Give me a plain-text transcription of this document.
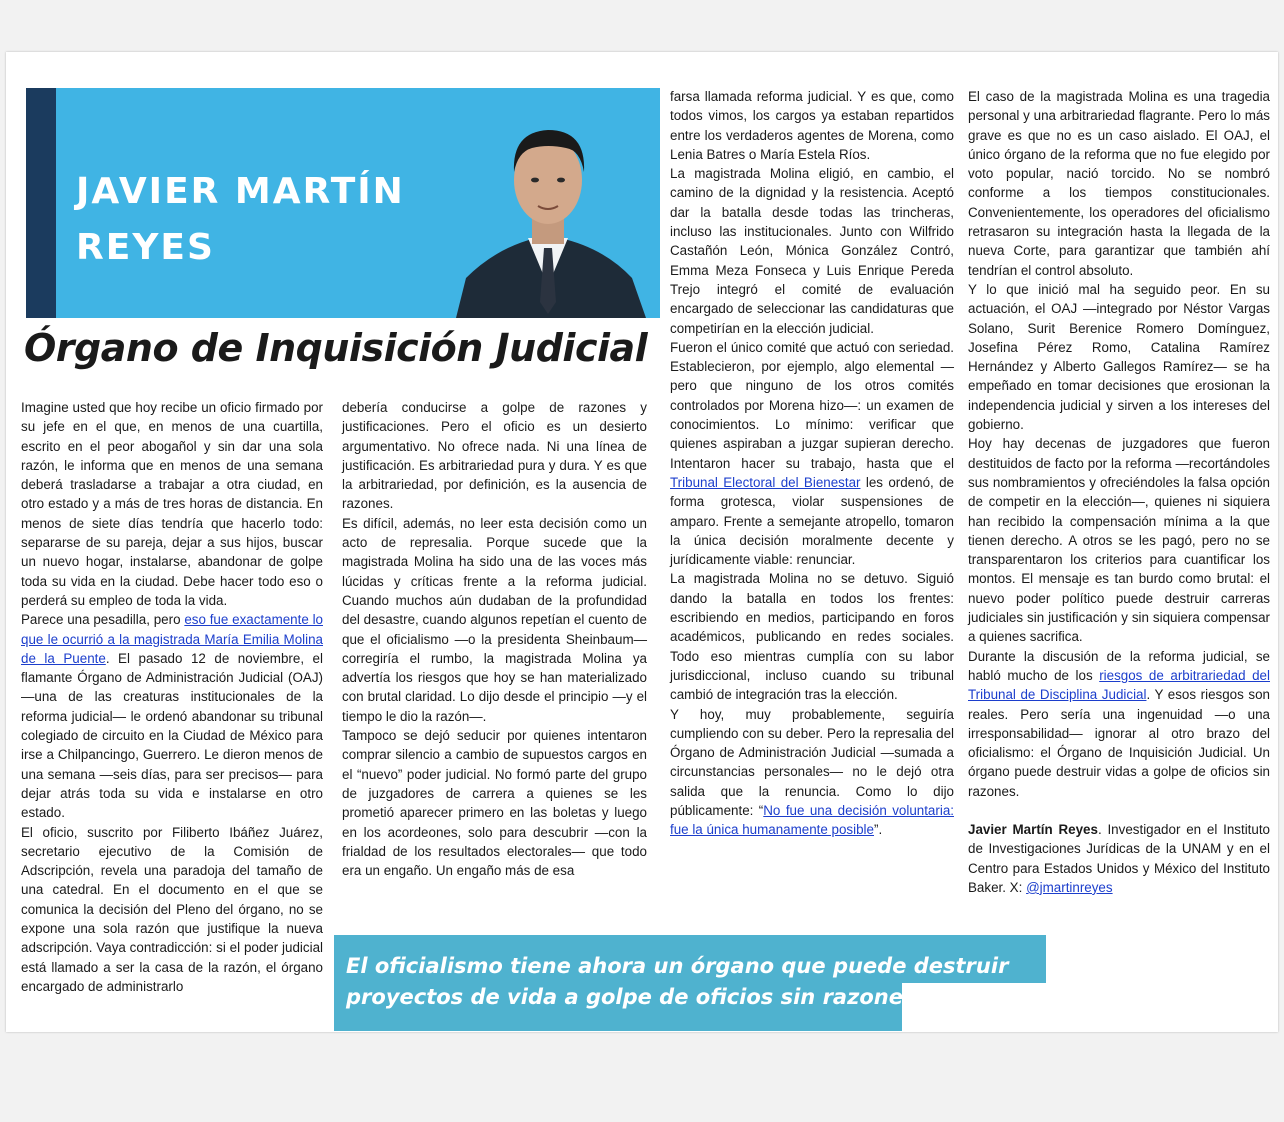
JAVIER MARTÍN
REYES
Órgano de Inquisición Judicial

Imagine usted que hoy recibe un oficio firmado por su jefe en el que, en menos de una cuartilla, escrito en el peor abogañol y sin dar una sola razón, le informa que en menos de una semana deberá trasladarse a trabajar a otra ciudad, en otro estado y a más de tres horas de distancia. En menos de siete días tendría que hacerlo todo: separarse de su pareja, dejar a sus hijos, buscar un nuevo hogar, instalarse, abandonar de golpe toda su vida en la ciudad. Debe hacer todo eso o perderá su empleo de toda la vida.

Parece una pesadilla, pero eso fue exactamente lo que le ocurrió a la magistrada María Emilia Molina de la Puente. El pasado 12 de noviembre, el flamante Órgano de Administración Judicial (OAJ) —una de las creaturas institucionales de la reforma judicial— le ordenó abandonar su tribunal colegiado de circuito en la Ciudad de México para irse a Chilpancingo, Guerrero. Le dieron menos de una semana —seis días, para ser precisos— para dejar atrás toda su vida e instalarse en otro estado.

El oficio, suscrito por Filiberto Ibáñez Juárez, secretario ejecutivo de la Comisión de Adscripción, revela una paradoja del tamaño de una catedral. En el documento en el que se comunica la decisión del Pleno del órgano, no se expone una sola razón que justifique la nueva adscripción. Vaya contradicción: si el poder judicial está llamado a ser la casa de la razón, el órgano encargado de administrarlo

debería conducirse a golpe de razones y justificaciones. Pero el oficio es un desierto argumentativo. No ofrece nada. Ni una línea de justificación. Es arbitrariedad pura y dura. Y es que la arbitrariedad, por definición, es la ausencia de razones.

Es difícil, además, no leer esta decisión como un acto de represalia. Porque sucede que la magistrada Molina ha sido una de las voces más lúcidas y críticas frente a la reforma judicial. Cuando muchos aún dudaban de la profundidad del desastre, cuando algunos repetían el cuento de que el oficialismo —o la presidenta Sheinbaum— corregiría el rumbo, la magistrada Molina ya advertía los riesgos que hoy se han materializado con brutal claridad. Lo dijo desde el principio —y el tiempo le dio la razón—.

Tampoco se dejó seducir por quienes intentaron comprar silencio a cambio de supuestos cargos en el “nuevo” poder judicial. No formó parte del grupo de juzgadores de carrera a quienes se les prometió aparecer primero en las boletas y luego en los acordeones, solo para descubrir —con la frialdad de los resultados electorales— que todo era un engaño. Un engaño más de esa

farsa llamada reforma judicial. Y es que, como todos vimos, los cargos ya estaban repartidos entre los verdaderos agentes de Morena, como Lenia Batres o María Estela Ríos.

La magistrada Molina eligió, en cambio, el camino de la dignidad y la resistencia. Aceptó dar la batalla desde todas las trincheras, incluso las institucionales. Junto con Wilfrido Castañón León, Mónica González Contró, Emma Meza Fonseca y Luis Enrique Pereda Trejo integró el comité de evaluación encargado de seleccionar las candidaturas que competirían en la elección judicial.

Fueron el único comité que actuó con seriedad. Establecieron, por ejemplo, algo elemental —pero que ninguno de los otros comités controlados por Morena hizo—: un examen de conocimientos. Lo mínimo: verificar que quienes aspiraban a juzgar supieran derecho. Intentaron hacer su trabajo, hasta que el Tribunal Electoral del Bienestar les ordenó, de forma grotesca, violar suspensiones de amparo. Frente a semejante atropello, tomaron la única decisión moralmente decente y jurídicamente viable: renunciar.

La magistrada Molina no se detuvo. Siguió dando la batalla en todos los frentes: escribiendo en medios, participando en foros académicos, publicando en redes sociales. Todo eso mientras cumplía con su labor jurisdiccional, incluso cuando su tribunal cambió de integración tras la elección.

Y hoy, muy probablemente, seguiría cumpliendo con su deber. Pero la represalia del Órgano de Administración Judicial —sumada a circunstancias personales— no le dejó otra salida que la renuncia. Como lo dijo públicamente: “No fue una decisión voluntaria: fue la única humanamente posible”.

El caso de la magistrada Molina es una tragedia personal y una arbitrariedad flagrante. Pero lo más grave es que no es un caso aislado. El OAJ, el único órgano de la reforma que no fue elegido por voto popular, nació torcido. No se nombró conforme a los tiempos constitucionales. Convenientemente, los operadores del oficialismo retrasaron su integración hasta la llegada de la nueva Corte, para garantizar que también ahí tendrían el control absoluto.

Y lo que inició mal ha seguido peor. En su actuación, el OAJ —integrado por Néstor Vargas Solano, Surit Berenice Romero Domínguez, Josefina Pérez Romo, Catalina Ramírez Hernández y Alberto Gallegos Ramírez— se ha empeñado en tomar decisiones que erosionan la independencia judicial y sirven a los intereses del gobierno.

Hoy hay decenas de juzgadores que fueron destituidos de facto por la reforma —recortándoles sus nombramientos y ofreciéndoles la falsa opción de competir en la elección—, quienes ni siquiera han recibido la compensación mínima a la que tienen derecho. A otros se les pagó, pero no se transparentaron los criterios para cuantificar los montos. El mensaje es tan burdo como brutal: el nuevo poder político puede destruir carreras judiciales sin justificación y sin siquiera compensar a quienes sacrifica.

Durante la discusión de la reforma judicial, se habló mucho de los riesgos de arbitrariedad del Tribunal de Disciplina Judicial. Y esos riesgos son reales. Pero sería una ingenuidad —o una irresponsabilidad— ignorar al otro brazo del oficialismo: el Órgano de Inquisición Judicial. Un órgano puede destruir vidas a golpe de oficios sin razones.

Javier Martín Reyes. Investigador en el Instituto de Investigaciones Jurídicas de la UNAM y en el Centro para Estados Unidos y México del Instituto Baker. X: @jmartinreyes

El oficialismo tiene ahora un órgano que puede destruir proyectos de vida a golpe de oficios sin razones
